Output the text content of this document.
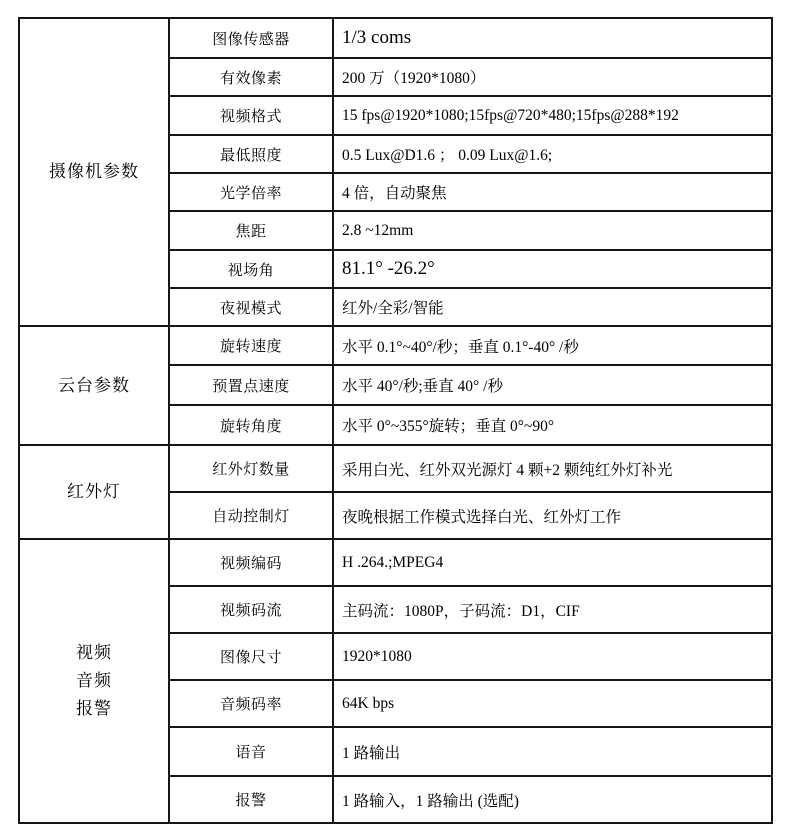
摄像机参数	图像传感器	1/3 coms
	有效像素	200 万（1920*1080）
	视频格式	15 fps@1920*1080;15fps@720*480;15fps@288*192
	最低照度	0.5 Lux@D1.6 ； 0.09 Lux@1.6;
	光学倍率	4 倍，自动聚焦
	焦距	2.8 ~12mm
	视场角	81.1° -26.2°
	夜视模式	红外/全彩/智能

云台参数	旋转速度	水平 0.1°~40°/秒；垂直 0.1°-40° /秒
	预置点速度	水平 40°/秒;垂直 40° /秒
	旋转角度	水平 0°~355°旋转；垂直 0°~90°

红外灯	红外灯数量	采用白光、红外双光源灯 4 颗+2 颗纯红外灯补光
	自动控制灯	夜晚根据工作模式选择白光、红外灯工作

视频
音频
报警	视频编码	H .264.;MPEG4
	视频码流	主码流：1080P，子码流：D1，CIF
	图像尺寸	1920*1080
	音频码率	64K bps
	语音	1 路输出
	报警	1 路输入，1 路输出 (选配)
